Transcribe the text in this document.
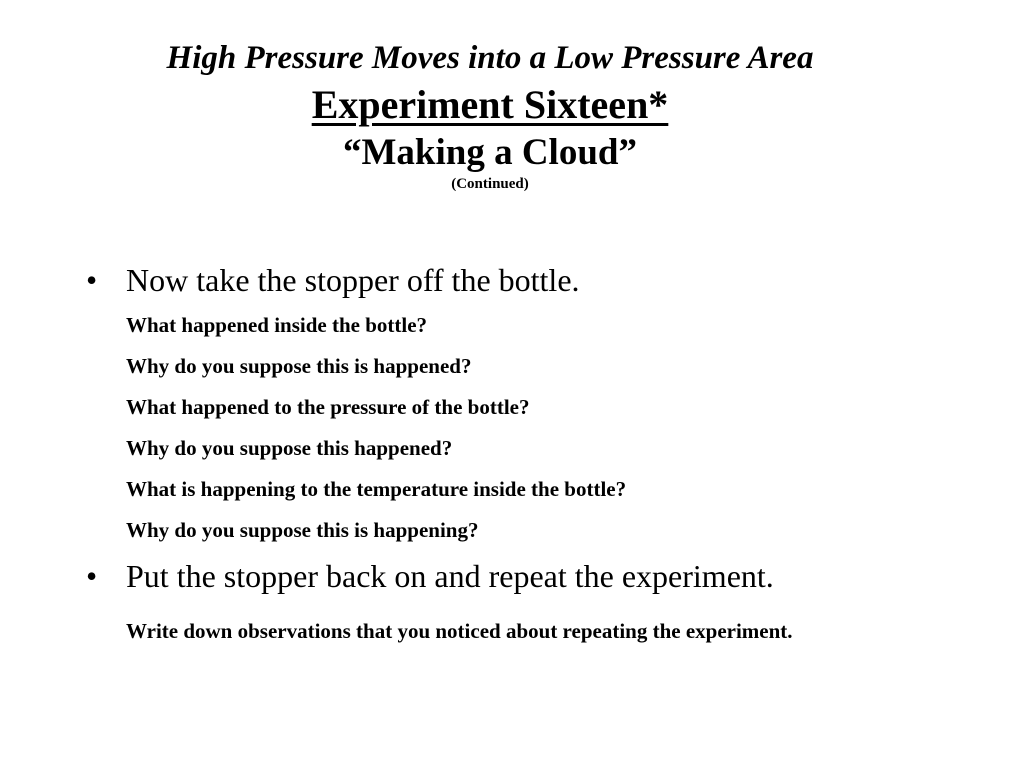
High Pressure Moves into a Low Pressure Area
Experiment Sixteen*
“Making a Cloud”
(Continued)
• Now take the stopper off the bottle.
What happened inside the bottle?
Why do you suppose this is happened?
What happened to the pressure of the bottle?
Why do you suppose this happened?
What is happening to the temperature inside the bottle?
Why do you suppose this is happening?
• Put the stopper back on and repeat the experiment.
Write down observations that you noticed about repeating the experiment.
